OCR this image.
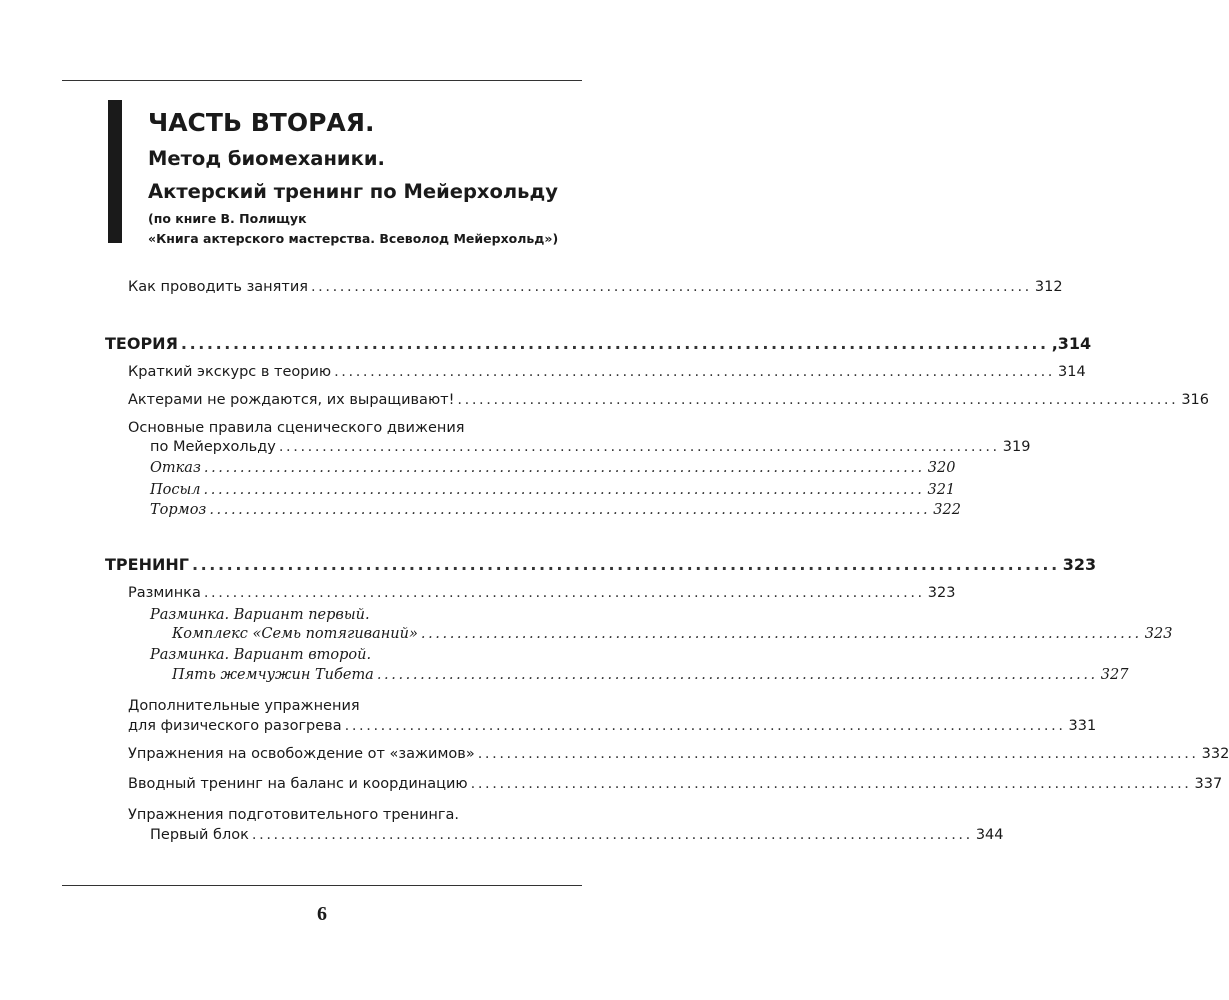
ЧАСТЬ ВТОРАЯ.
Метод биомеханики.
Актерский тренинг по Мейерхольду
(по книге В. Полищук
«Книга актерского мастерства. Всеволод Мейерхольд»)
Как проводить занятия .................................................................................................... 312
ТЕОРИЯ .................................................................................................... ,314
Краткий экскурс в теорию .................................................................................................... 314
Актерами не рождаются, их выращивают! .................................................................................................... 316
Основные правила сценического движения
по Мейерхольду .................................................................................................... 319
Отказ .................................................................................................... 320
Посыл .................................................................................................... 321
Тормоз .................................................................................................... 322
ТРЕНИНГ .................................................................................................... 323
Разминка .................................................................................................... 323
Разминка. Вариант первый.
Комплекс «Семь потягиваний» .................................................................................................... 323
Разминка. Вариант второй.
Пять жемчужин Тибета .................................................................................................... 327
Дополнительные упражнения
для физического разогрева .................................................................................................... 331
Упражнения на освобождение от «зажимов» .................................................................................................... 332
Вводный тренинг на баланс и координацию .................................................................................................... 337
Упражнения подготовительного тренинга.
Первый блок .................................................................................................... 344
6
